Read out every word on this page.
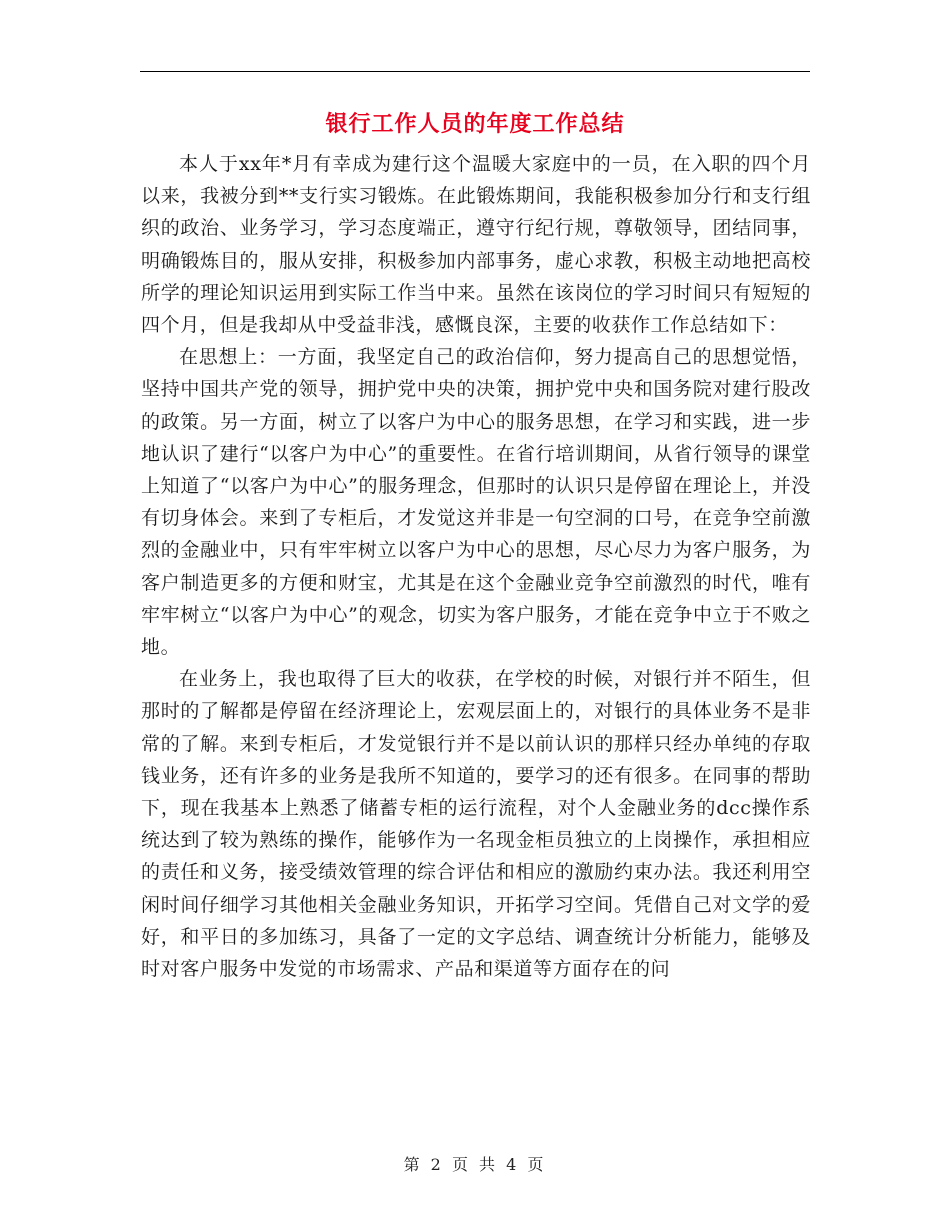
银行工作人员的年度工作总结

本人于xx年*月有幸成为建行这个温暖大家庭中的一员，在入职的四个月以来，我被分到**支行实习锻炼。在此锻炼期间，我能积极参加分行和支行组织的政治、业务学习，学习态度端正，遵守行纪行规，尊敬领导，团结同事，明确锻炼目的，服从安排，积极参加内部事务，虚心求教，积极主动地把高校所学的理论知识运用到实际工作当中来。虽然在该岗位的学习时间只有短短的四个月，但是我却从中受益非浅，感慨良深，主要的收获作工作总结如下：

在思想上：一方面，我坚定自己的政治信仰，努力提高自己的思想觉悟，坚持中国共产党的领导，拥护党中央的决策，拥护党中央和国务院对建行股改的政策。另一方面，树立了以客户为中心的服务思想，在学习和实践，进一步地认识了建行“以客户为中心”的重要性。在省行培训期间，从省行领导的课堂上知道了“以客户为中心”的服务理念，但那时的认识只是停留在理论上，并没有切身体会。来到了专柜后，才发觉这并非是一句空洞的口号，在竞争空前激烈的金融业中，只有牢牢树立以客户为中心的思想，尽心尽力为客户服务，为客户制造更多的方便和财宝，尤其是在这个金融业竞争空前激烈的时代，唯有牢牢树立“以客户为中心”的观念，切实为客户服务，才能在竞争中立于不败之地。

在业务上，我也取得了巨大的收获，在学校的时候，对银行并不陌生，但那时的了解都是停留在经济理论上，宏观层面上的，对银行的具体业务不是非常的了解。来到专柜后，才发觉银行并不是以前认识的那样只经办单纯的存取钱业务，还有许多的业务是我所不知道的，要学习的还有很多。在同事的帮助下，现在我基本上熟悉了储蓄专柜的运行流程，对个人金融业务的dcc操作系统达到了较为熟练的操作，能够作为一名现金柜员独立的上岗操作，承担相应的责任和义务，接受绩效管理的综合评估和相应的激励约束办法。我还利用空闲时间仔细学习其他相关金融业务知识，开拓学习空间。凭借自己对文学的爱好，和平日的多加练习，具备了一定的文字总结、调查统计分析能力，能够及时对客户服务中发觉的市场需求、产品和渠道等方面存在的问

第 2 页 共 4 页
